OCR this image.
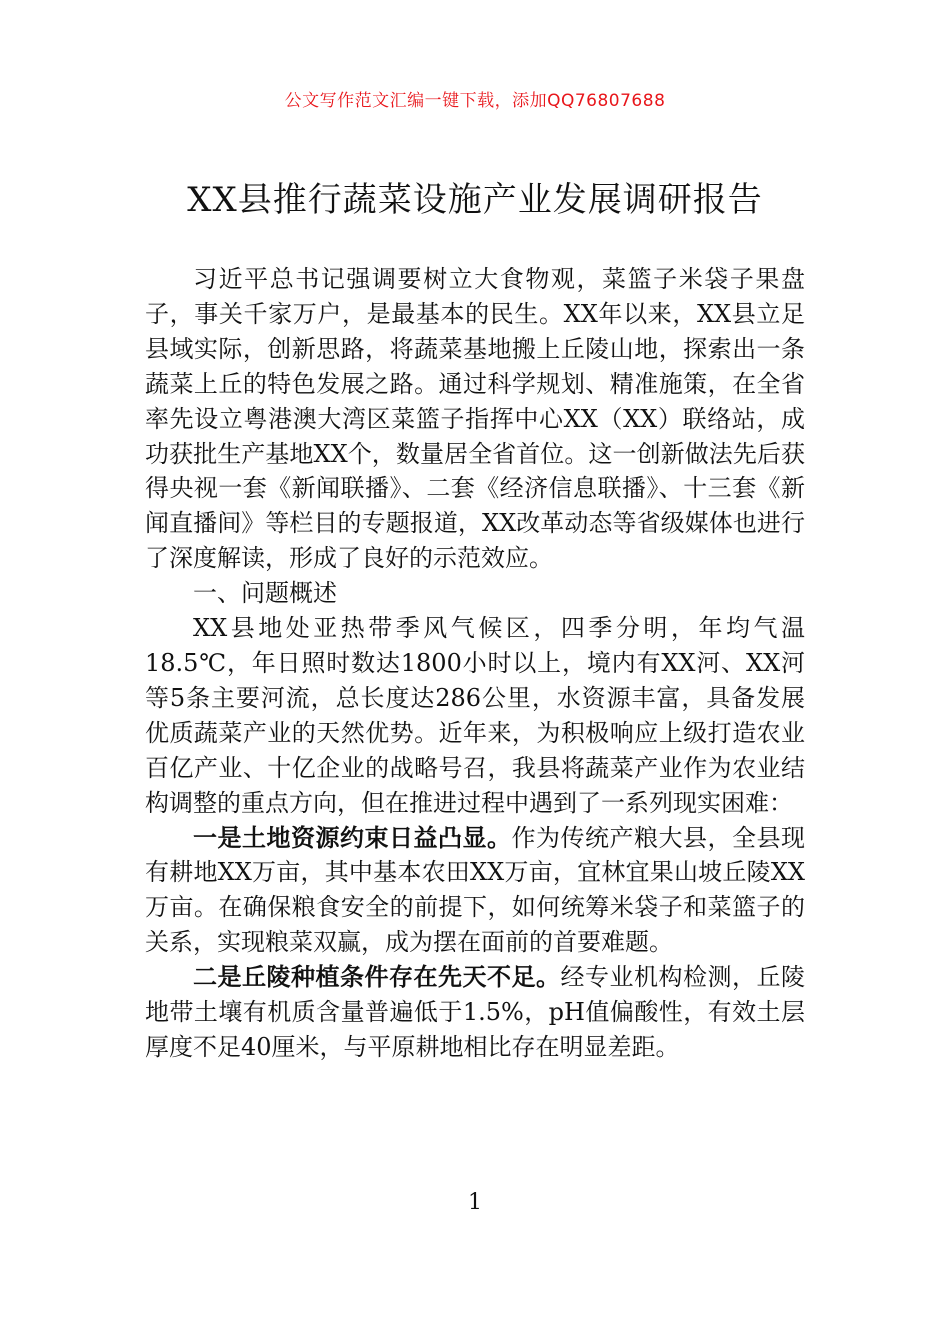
公文写作范文汇编一键下载，添加QQ76807688
XX县推行蔬菜设施产业发展调研报告

习近平总书记强调要树立大食物观，菜篮子米袋子果盘子，事关千家万户，是最基本的民生。XX年以来，XX县立足县域实际，创新思路，将蔬菜基地搬上丘陵山地，探索出一条蔬菜上丘的特色发展之路。通过科学规划、精准施策，在全省率先设立粤港澳大湾区菜篮子指挥中心XX（XX）联络站，成功获批生产基地XX个，数量居全省首位。这一创新做法先后获得央视一套《新闻联播》、二套《经济信息联播》、十三套《新闻直播间》等栏目的专题报道，XX改革动态等省级媒体也进行了深度解读，形成了良好的示范效应。

一、问题概述

XX县地处亚热带季风气候区，四季分明，年均气温18.5℃，年日照时数达1800小时以上，境内有XX河、XX河等5条主要河流，总长度达286公里，水资源丰富，具备发展优质蔬菜产业的天然优势。近年来，为积极响应上级打造农业百亿产业、十亿企业的战略号召，我县将蔬菜产业作为农业结构调整的重点方向，但在推进过程中遇到了一系列现实困难：

一是土地资源约束日益凸显。作为传统产粮大县，全县现有耕地XX万亩，其中基本农田XX万亩，宜林宜果山坡丘陵XX万亩。在确保粮食安全的前提下，如何统筹米袋子和菜篮子的关系，实现粮菜双赢，成为摆在面前的首要难题。

二是丘陵种植条件存在先天不足。经专业机构检测，丘陵地带土壤有机质含量普遍低于1.5%，pH值偏酸性，有效土层厚度不足40厘米，与平原耕地相比存在明显差距。

1
